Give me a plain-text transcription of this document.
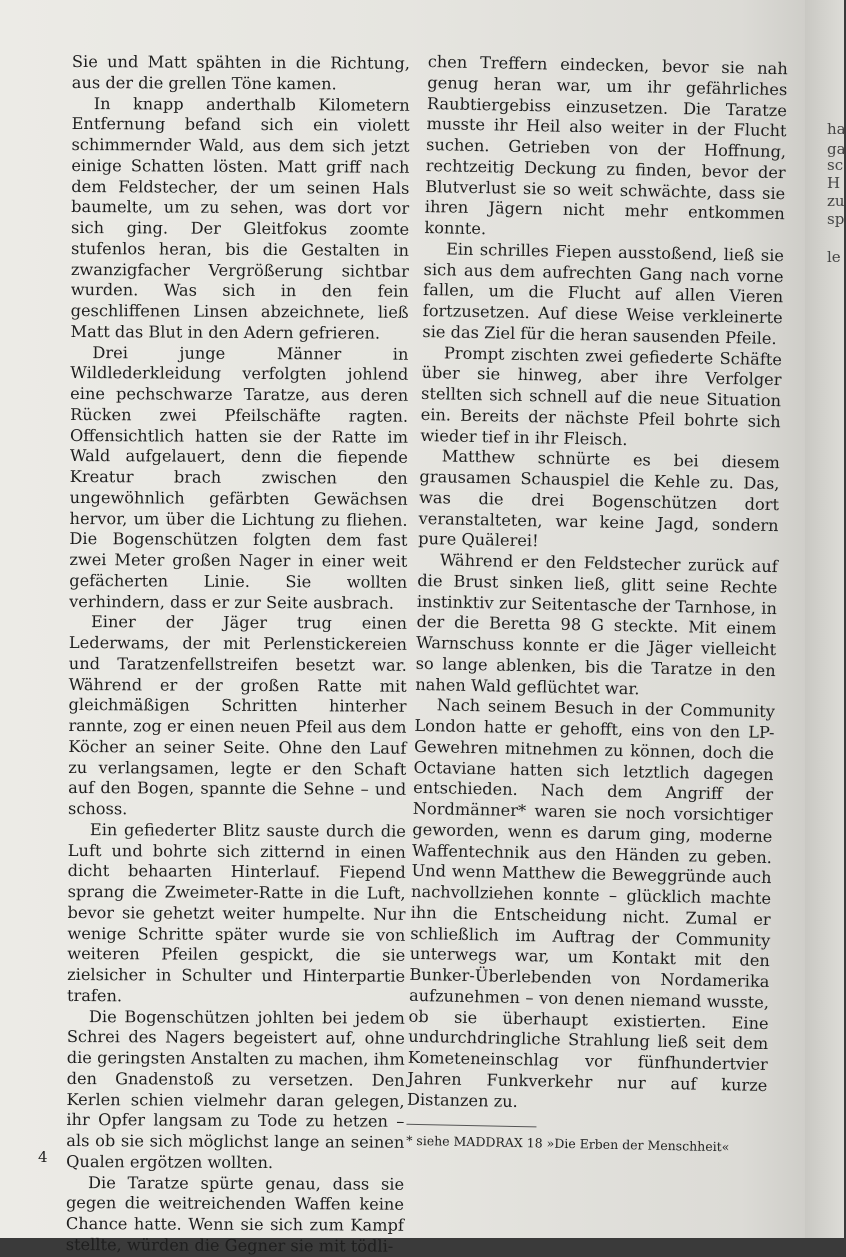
Sie und Matt spähten in die Richtung, aus der die grellen Töne kamen.

In knapp anderthalb Kilometern Entfernung befand sich ein violett schimmernder Wald, aus dem sich jetzt einige Schatten lösten. Matt griff nach dem Feldstecher, der um seinen Hals baumelte, um zu sehen, was dort vor sich ging. Der Gleitfokus zoomte stufenlos heran, bis die Gestalten in zwanzigfacher Vergrößerung sichtbar wurden. Was sich in den fein geschliffenen Linsen abzeichnete, ließ Matt das Blut in den Adern gefrieren.

Drei junge Männer in Wildlederkleidung verfolgten johlend eine pechschwarze Taratze, aus deren Rücken zwei Pfeilschäfte ragten. Offensichtlich hatten sie der Ratte im Wald aufgelauert, denn die fiepende Kreatur brach zwischen den ungewöhnlich gefärbten Gewächsen hervor, um über die Lichtung zu fliehen. Die Bogenschützen folgten dem fast zwei Meter großen Nager in einer weit gefächerten Linie. Sie wollten verhindern, dass er zur Seite ausbrach.

Einer der Jäger trug einen Lederwams, der mit Perlenstickereien und Taratzenfellstreifen besetzt war. Während er der großen Ratte mit gleichmäßigen Schritten hinterher rannte, zog er einen neuen Pfeil aus dem Köcher an seiner Seite. Ohne den Lauf zu verlangsamen, legte er den Schaft auf den Bogen, spannte die Sehne – und schoss.

Ein gefiederter Blitz sauste durch die Luft und bohrte sich zitternd in einen dicht behaarten Hinterlauf. Fiepend sprang die Zweimeter-Ratte in die Luft, bevor sie gehetzt weiter humpelte. Nur wenige Schritte später wurde sie von weiteren Pfeilen gespickt, die sie zielsicher in Schulter und Hinterpartie trafen.

Die Bogenschützen johlten bei jedem Schrei des Nagers begeistert auf, ohne die geringsten Anstalten zu machen, ihm den Gnadenstoß zu versetzen. Den Kerlen schien vielmehr daran gelegen, ihr Opfer langsam zu Tode zu hetzen – als ob sie sich möglichst lange an seinen Qualen ergötzen wollten.

Die Taratze spürte genau, dass sie gegen die weitreichenden Waffen keine Chance hatte. Wenn sie sich zum Kampf stellte, würden die Gegner sie mit tödli-

chen Treffern eindecken, bevor sie nah genug heran war, um ihr gefährliches Raubtiergebiss einzusetzen. Die Taratze musste ihr Heil also weiter in der Flucht suchen. Getrieben von der Hoffnung, rechtzeitig Deckung zu finden, bevor der Blutverlust sie so weit schwächte, dass sie ihren Jägern nicht mehr entkommen konnte.

Ein schrilles Fiepen ausstoßend, ließ sie sich aus dem aufrechten Gang nach vorne fallen, um die Flucht auf allen Vieren fortzusetzen. Auf diese Weise verkleinerte sie das Ziel für die heran sausenden Pfeile.

Prompt zischten zwei gefiederte Schäfte über sie hinweg, aber ihre Verfolger stellten sich schnell auf die neue Situation ein. Bereits der nächste Pfeil bohrte sich wieder tief in ihr Fleisch.

Matthew schnürte es bei diesem grausamen Schauspiel die Kehle zu. Das, was die drei Bogenschützen dort veranstalteten, war keine Jagd, sondern pure Quälerei!

Während er den Feldstecher zurück auf die Brust sinken ließ, glitt seine Rechte instinktiv zur Seitentasche der Tarnhose, in der die Beretta 98 G steckte. Mit einem Warnschuss konnte er die Jäger vielleicht so lange ablenken, bis die Taratze in den nahen Wald geflüchtet war.

Nach seinem Besuch in der Community London hatte er gehofft, eins von den LP-Gewehren mitnehmen zu können, doch die Octaviane hatten sich letztlich dagegen entschieden. Nach dem Angriff der Nordmänner* waren sie noch vorsichtiger geworden, wenn es darum ging, moderne Waffentechnik aus den Händen zu geben. Und wenn Matthew die Beweggründe auch nachvollziehen konnte – glücklich machte ihn die Entscheidung nicht. Zumal er schließlich im Auftrag der Community unterwegs war, um Kontakt mit den Bunker-Überlebenden von Nordamerika aufzunehmen – von denen niemand wusste, ob sie überhaupt existierten. Eine undurchdringliche Strahlung ließ seit dem Kometeneinschlag vor fünfhundertvier Jahren Funkverkehr nur auf kurze Distanzen zu.

* siehe MADDRAX 18 »Die Erben der Menschheit«

4
ha
ga
sc
H
zu
sp
le
